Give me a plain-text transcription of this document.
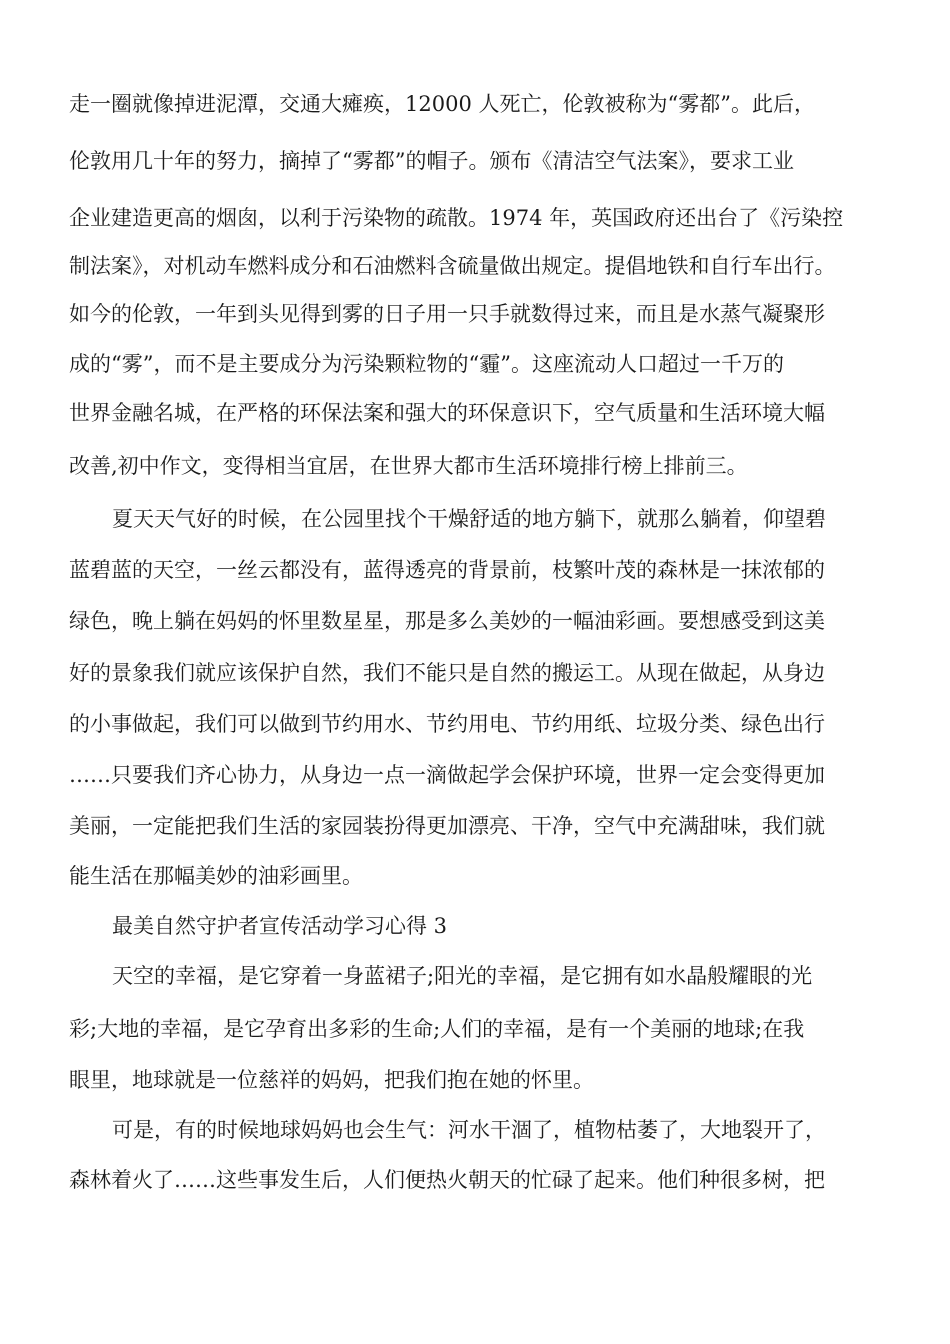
走一圈就像掉进泥潭，交通大瘫痪，12000 人死亡，伦敦被称为“雾都”。此后，
伦敦用几十年的努力，摘掉了“雾都”的帽子。颁布《清洁空气法案》，要求工业
企业建造更高的烟囱，以利于污染物的疏散。1974 年，英国政府还出台了《污染控
制法案》，对机动车燃料成分和石油燃料含硫量做出规定。提倡地铁和自行车出行。
如今的伦敦，一年到头见得到雾的日子用一只手就数得过来，而且是水蒸气凝聚形
成的“雾”，而不是主要成分为污染颗粒物的“霾”。这座流动人口超过一千万的
世界金融名城，在严格的环保法案和强大的环保意识下，空气质量和生活环境大幅
改善,初中作文，变得相当宜居，在世界大都市生活环境排行榜上排前三。
夏天天气好的时候，在公园里找个干燥舒适的地方躺下，就那么躺着，仰望碧
蓝碧蓝的天空，一丝云都没有，蓝得透亮的背景前，枝繁叶茂的森林是一抹浓郁的
绿色，晚上躺在妈妈的怀里数星星，那是多么美妙的一幅油彩画。要想感受到这美
好的景象我们就应该保护自然，我们不能只是自然的搬运工。从现在做起，从身边
的小事做起，我们可以做到节约用水、节约用电、节约用纸、垃圾分类、绿色出行
……只要我们齐心协力，从身边一点一滴做起学会保护环境，世界一定会变得更加
美丽，一定能把我们生活的家园装扮得更加漂亮、干净，空气中充满甜味，我们就
能生活在那幅美妙的油彩画里。
最美自然守护者宣传活动学习心得 3
天空的幸福，是它穿着一身蓝裙子;阳光的幸福，是它拥有如水晶般耀眼的光
彩;大地的幸福，是它孕育出多彩的生命;人们的幸福，是有一个美丽的地球;在我
眼里，地球就是一位慈祥的妈妈，把我们抱在她的怀里。
可是，有的时候地球妈妈也会生气：河水干涸了，植物枯萎了，大地裂开了，
森林着火了……这些事发生后，人们便热火朝天的忙碌了起来。他们种很多树，把
